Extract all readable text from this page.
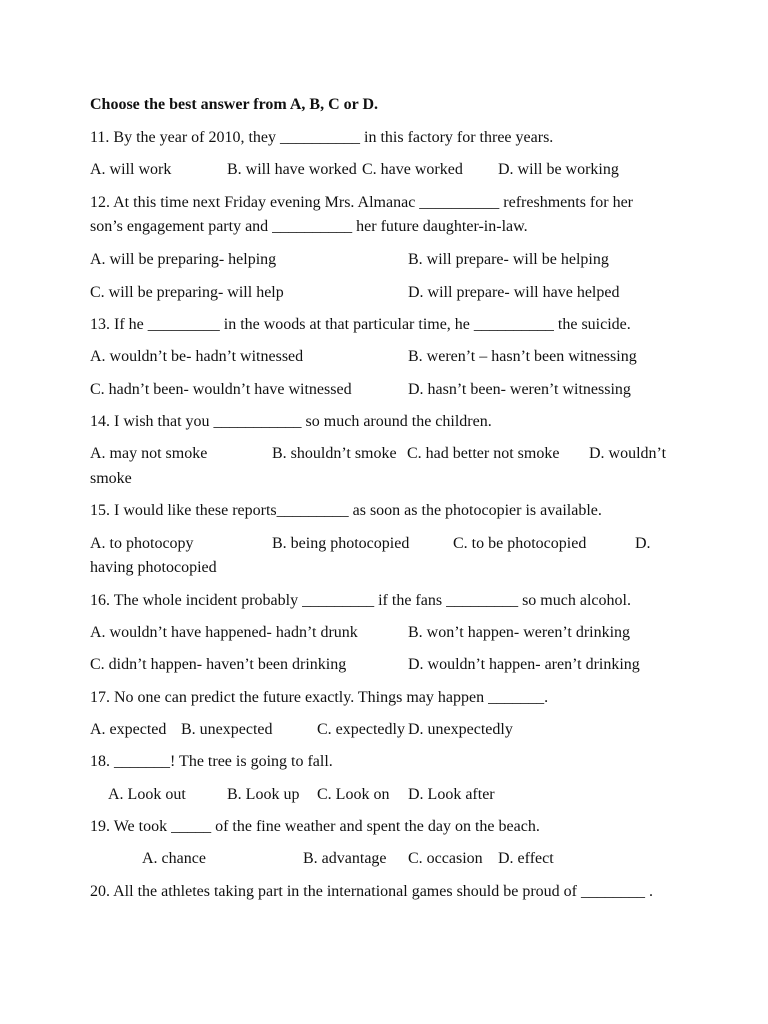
Choose the best answer from A, B, C or D.
11. By the year of 2010, they __________ in this factory for three years.
A. will work	B. will have worked C. have worked D. will be working
12. At this time next Friday evening Mrs. Almanac __________ refreshments for her
son’s engagement party and __________ her future daughter-in-law.
A. will be preparing- helping	B. will prepare- will be helping
C. will be preparing- will help	D. will prepare- will have helped
13. If he _________ in the woods at that particular time, he __________ the suicide.
A. wouldn’t be- hadn’t witnessed	B. weren’t – hasn’t been witnessing
C. hadn’t been- wouldn’t have witnessed	D. hasn’t been- weren’t witnessing
14. I wish that you ___________ so much around the children.
A. may not smoke	B. shouldn’t smoke C. had better not smoke D. wouldn’t
smoke
15. I would like these reports_________ as soon as the photocopier is available.
A. to photocopy	B. being photocopied	C. to be photocopied	D.
having photocopied
16. The whole incident probably _________ if the fans _________ so much alcohol.
A. wouldn’t have happened- hadn’t drunk	B. won’t happen- weren’t drinking
C. didn’t happen- haven’t been drinking	D. wouldn’t happen- aren’t drinking
17. No one can predict the future exactly. Things may happen _______.
A. expected B. unexpected	C. expectedly D. unexpectedly
18. _______! The tree is going to fall.
A. Look out	B. Look up C. Look on D. Look after
19. We took _____ of the fine weather and spent the day on the beach.
A. chance	B. advantage C. occasion D. effect
20. All the athletes taking part in the international games should be proud of ________ .
